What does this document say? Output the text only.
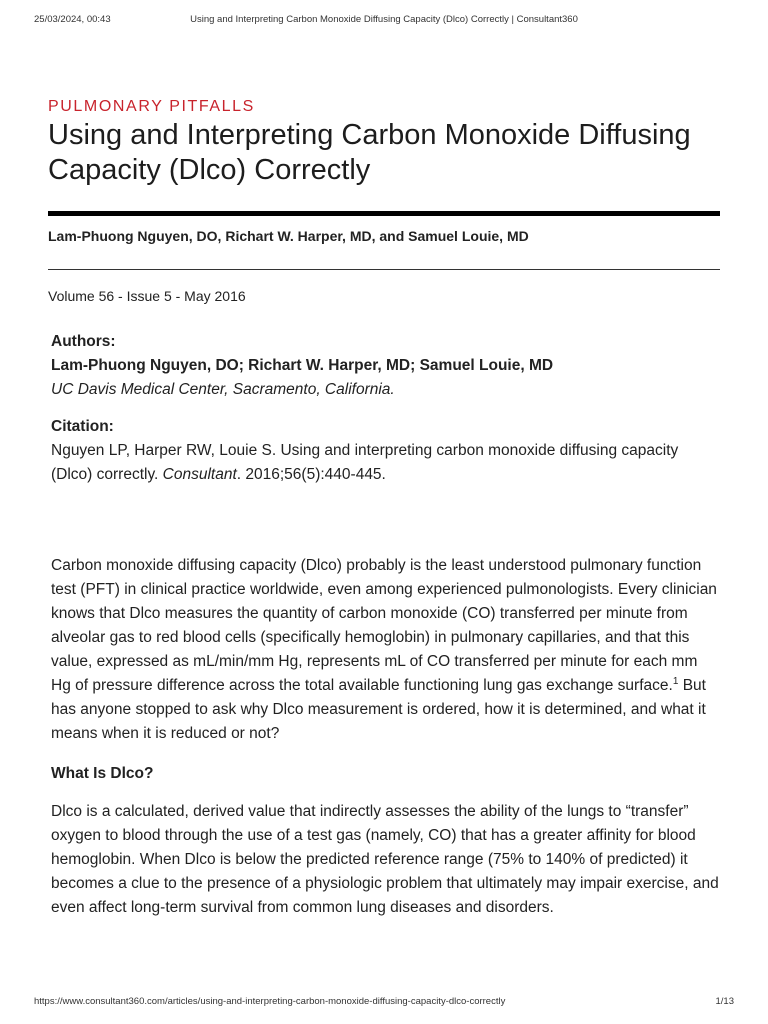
25/03/2024, 00:43	Using and Interpreting Carbon Monoxide Diffusing Capacity (Dlco) Correctly | Consultant360

PULMONARY PITFALLS

Using and Interpreting Carbon Monoxide Diffusing Capacity (Dlco) Correctly

Lam-Phuong Nguyen, DO, Richart W. Harper, MD, and Samuel Louie, MD

Volume 56 - Issue 5 - May 2016

Authors:

Lam-Phuong Nguyen, DO; Richart W. Harper, MD; Samuel Louie, MD

UC Davis Medical Center, Sacramento, California.

Citation:

Nguyen LP, Harper RW, Louie S. Using and interpreting carbon monoxide diffusing capacity (Dlco) correctly. Consultant. 2016;56(5):440-445.

Carbon monoxide diffusing capacity (Dlco) probably is the least understood pulmonary function test (PFT) in clinical practice worldwide, even among experienced pulmonologists. Every clinician knows that Dlco measures the quantity of carbon monoxide (CO) transferred per minute from alveolar gas to red blood cells (specifically hemoglobin) in pulmonary capillaries, and that this value, expressed as mL/min/mm Hg, represents mL of CO transferred per minute for each mm Hg of pressure difference across the total available functioning lung gas exchange surface.$^1$ But has anyone stopped to ask why Dlco measurement is ordered, how it is determined, and what it means when it is reduced or not?

What Is Dlco?

Dlco is a calculated, derived value that indirectly assesses the ability of the lungs to “transfer” oxygen to blood through the use of a test gas (namely, CO) that has a greater affinity for blood hemoglobin. When Dlco is below the predicted reference range (75% to 140% of predicted) it becomes a clue to the presence of a physiologic problem that ultimately may impair exercise, and even affect long-term survival from common lung diseases and disorders.

https://www.consultant360.com/articles/using-and-interpreting-carbon-monoxide-diffusing-capacity-dlco-correctly	1/13
